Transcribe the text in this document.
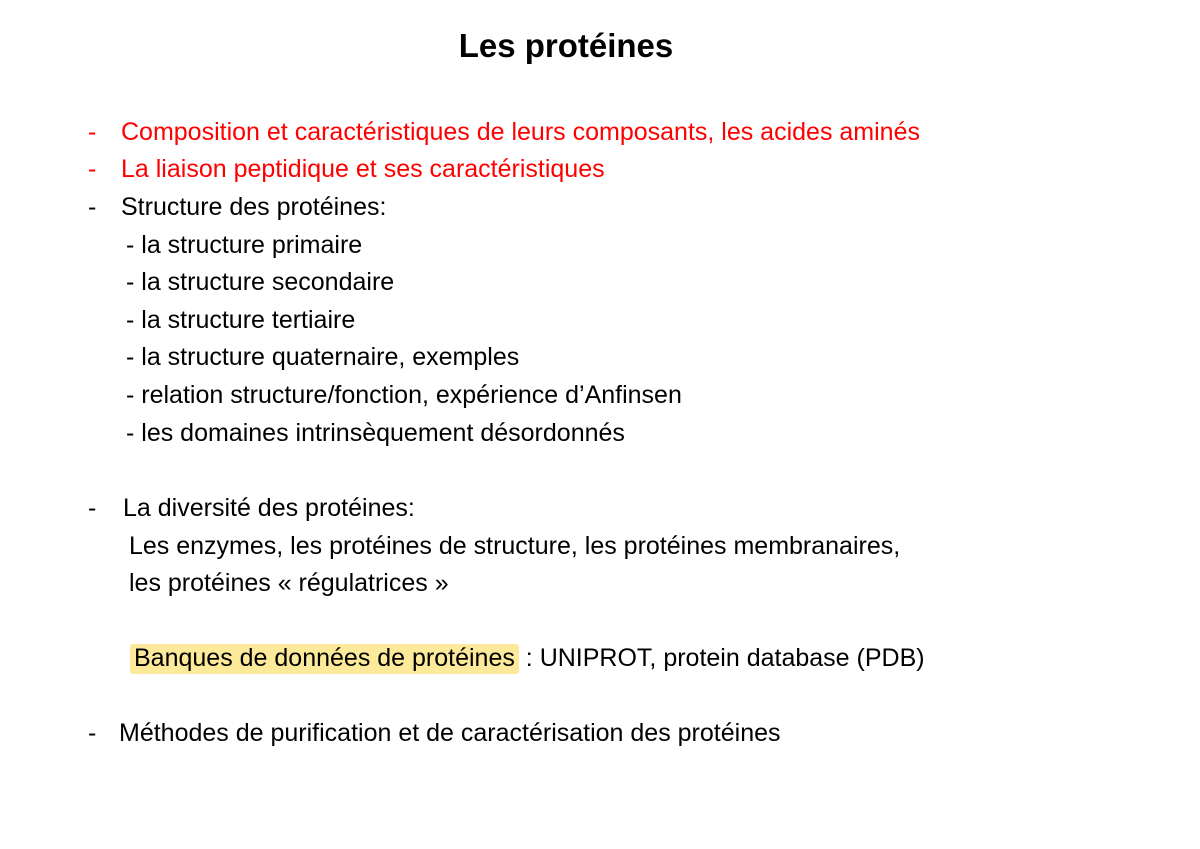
Les protéines
- Composition et caractéristiques de leurs composants, les acides aminés
- La liaison peptidique et ses caractéristiques
- Structure des protéines:
- la structure primaire
- la structure secondaire
- la structure tertiaire
- la structure quaternaire, exemples
- relation structure/fonction, expérience d’Anfinsen
- les domaines intrinsèquement désordonnés
- La diversité des protéines:
Les enzymes, les protéines de structure, les protéines membranaires,
les protéines « régulatrices »
Banques de données de protéines : UNIPROT, protein database (PDB)
- Méthodes de purification et de caractérisation des protéines
